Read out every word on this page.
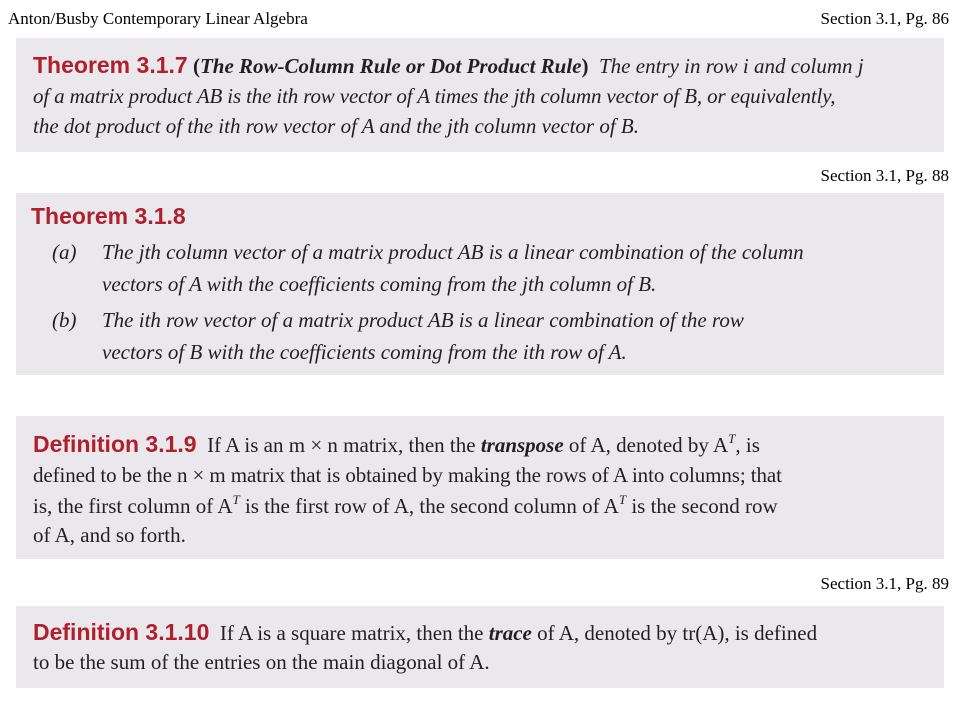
Anton/Busby Contemporary Linear Algebra	Section 3.1, Pg. 86
Theorem 3.1.7 (The Row-Column Rule or Dot Product Rule) The entry in row i and column j
of a matrix product AB is the ith row vector of A times the jth column vector of B, or equivalently,
the dot product of the ith row vector of A and the jth column vector of B.
Section 3.1, Pg. 88
Theorem 3.1.8
(a) The jth column vector of a matrix product AB is a linear combination of the column
vectors of A with the coefficients coming from the jth column of B.
(b) The ith row vector of a matrix product AB is a linear combination of the row
vectors of B with the coefficients coming from the ith row of A.
Definition 3.1.9 If A is an m × n matrix, then the transpose of A, denoted by $A^T$, is
defined to be the n × m matrix that is obtained by making the rows of A into columns; that
is, the first column of $A^T$ is the first row of A, the second column of $A^T$ is the second row
of A, and so forth.
Section 3.1, Pg. 89
Definition 3.1.10 If A is a square matrix, then the trace of A, denoted by tr(A), is defined
to be the sum of the entries on the main diagonal of A.
